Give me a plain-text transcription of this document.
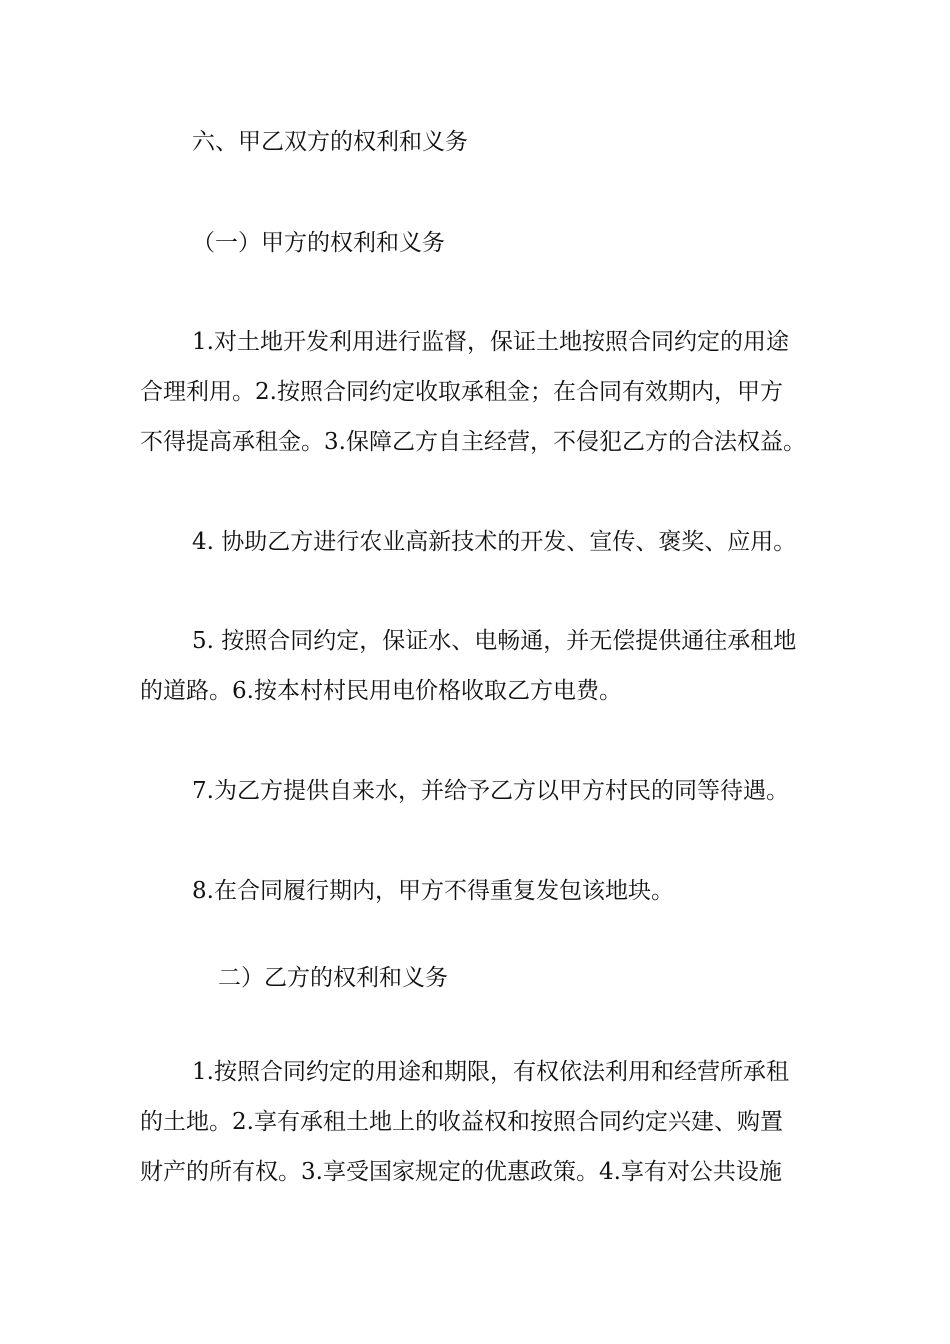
六、甲乙双方的权利和义务
（一）甲方的权利和义务
1.对土地开发利用进行监督，保证土地按照合同约定的用途
合理利用。2.按照合同约定收取承租金；在合同有效期内，甲方
不得提高承租金。3.保障乙方自主经营，不侵犯乙方的合法权益。
4. 协助乙方进行农业高新技术的开发、宣传、褒奖、应用。
5. 按照合同约定，保证水、电畅通，并无偿提供通往承租地
的道路。6.按本村村民用电价格收取乙方电费。
7.为乙方提供自来水，并给予乙方以甲方村民的同等待遇。
8.在合同履行期内，甲方不得重复发包该地块。
二）乙方的权利和义务
1.按照合同约定的用途和期限，有权依法利用和经营所承租
的土地。2.享有承租土地上的收益权和按照合同约定兴建、购置
财产的所有权。3.享受国家规定的优惠政策。4.享有对公共设施
